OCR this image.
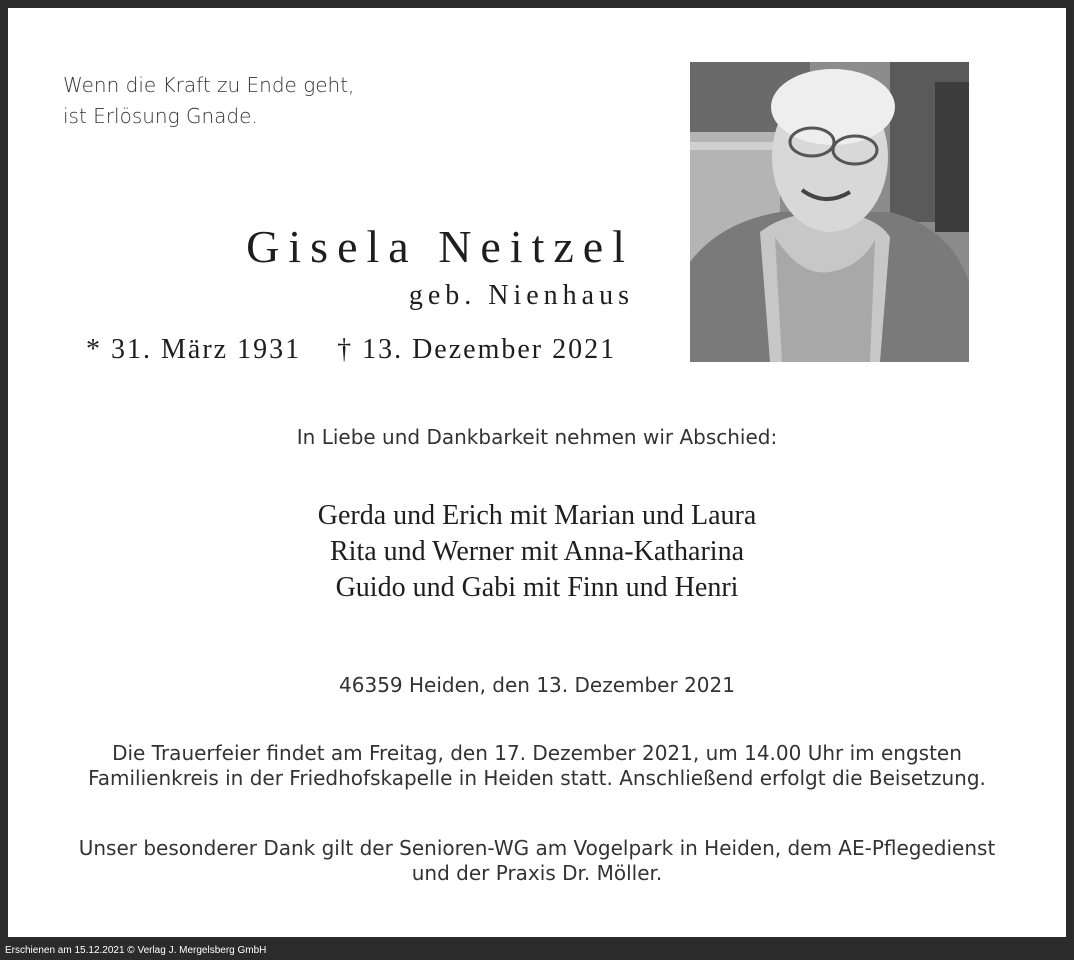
Wenn die Kraft zu Ende geht,
ist Erlösung Gnade.
Gisela Neitzel
geb. Nienhaus
* 31. März 1931 † 13. Dezember 2021
In Liebe und Dankbarkeit nehmen wir Abschied:
Gerda und Erich mit Marian und Laura
Rita und Werner mit Anna-Katharina
Guido und Gabi mit Finn und Henri
46359 Heiden, den 13. Dezember 2021
Die Trauerfeier findet am Freitag, den 17. Dezember 2021, um 14.00 Uhr im engsten
Familienkreis in der Friedhofskapelle in Heiden statt. Anschließend erfolgt die Beisetzung.
Unser besonderer Dank gilt der Senioren-WG am Vogelpark in Heiden, dem AE-Pflegedienst
und der Praxis Dr. Möller.
Erschienen am 15.12.2021 © Verlag J. Mergelsberg GmbH
